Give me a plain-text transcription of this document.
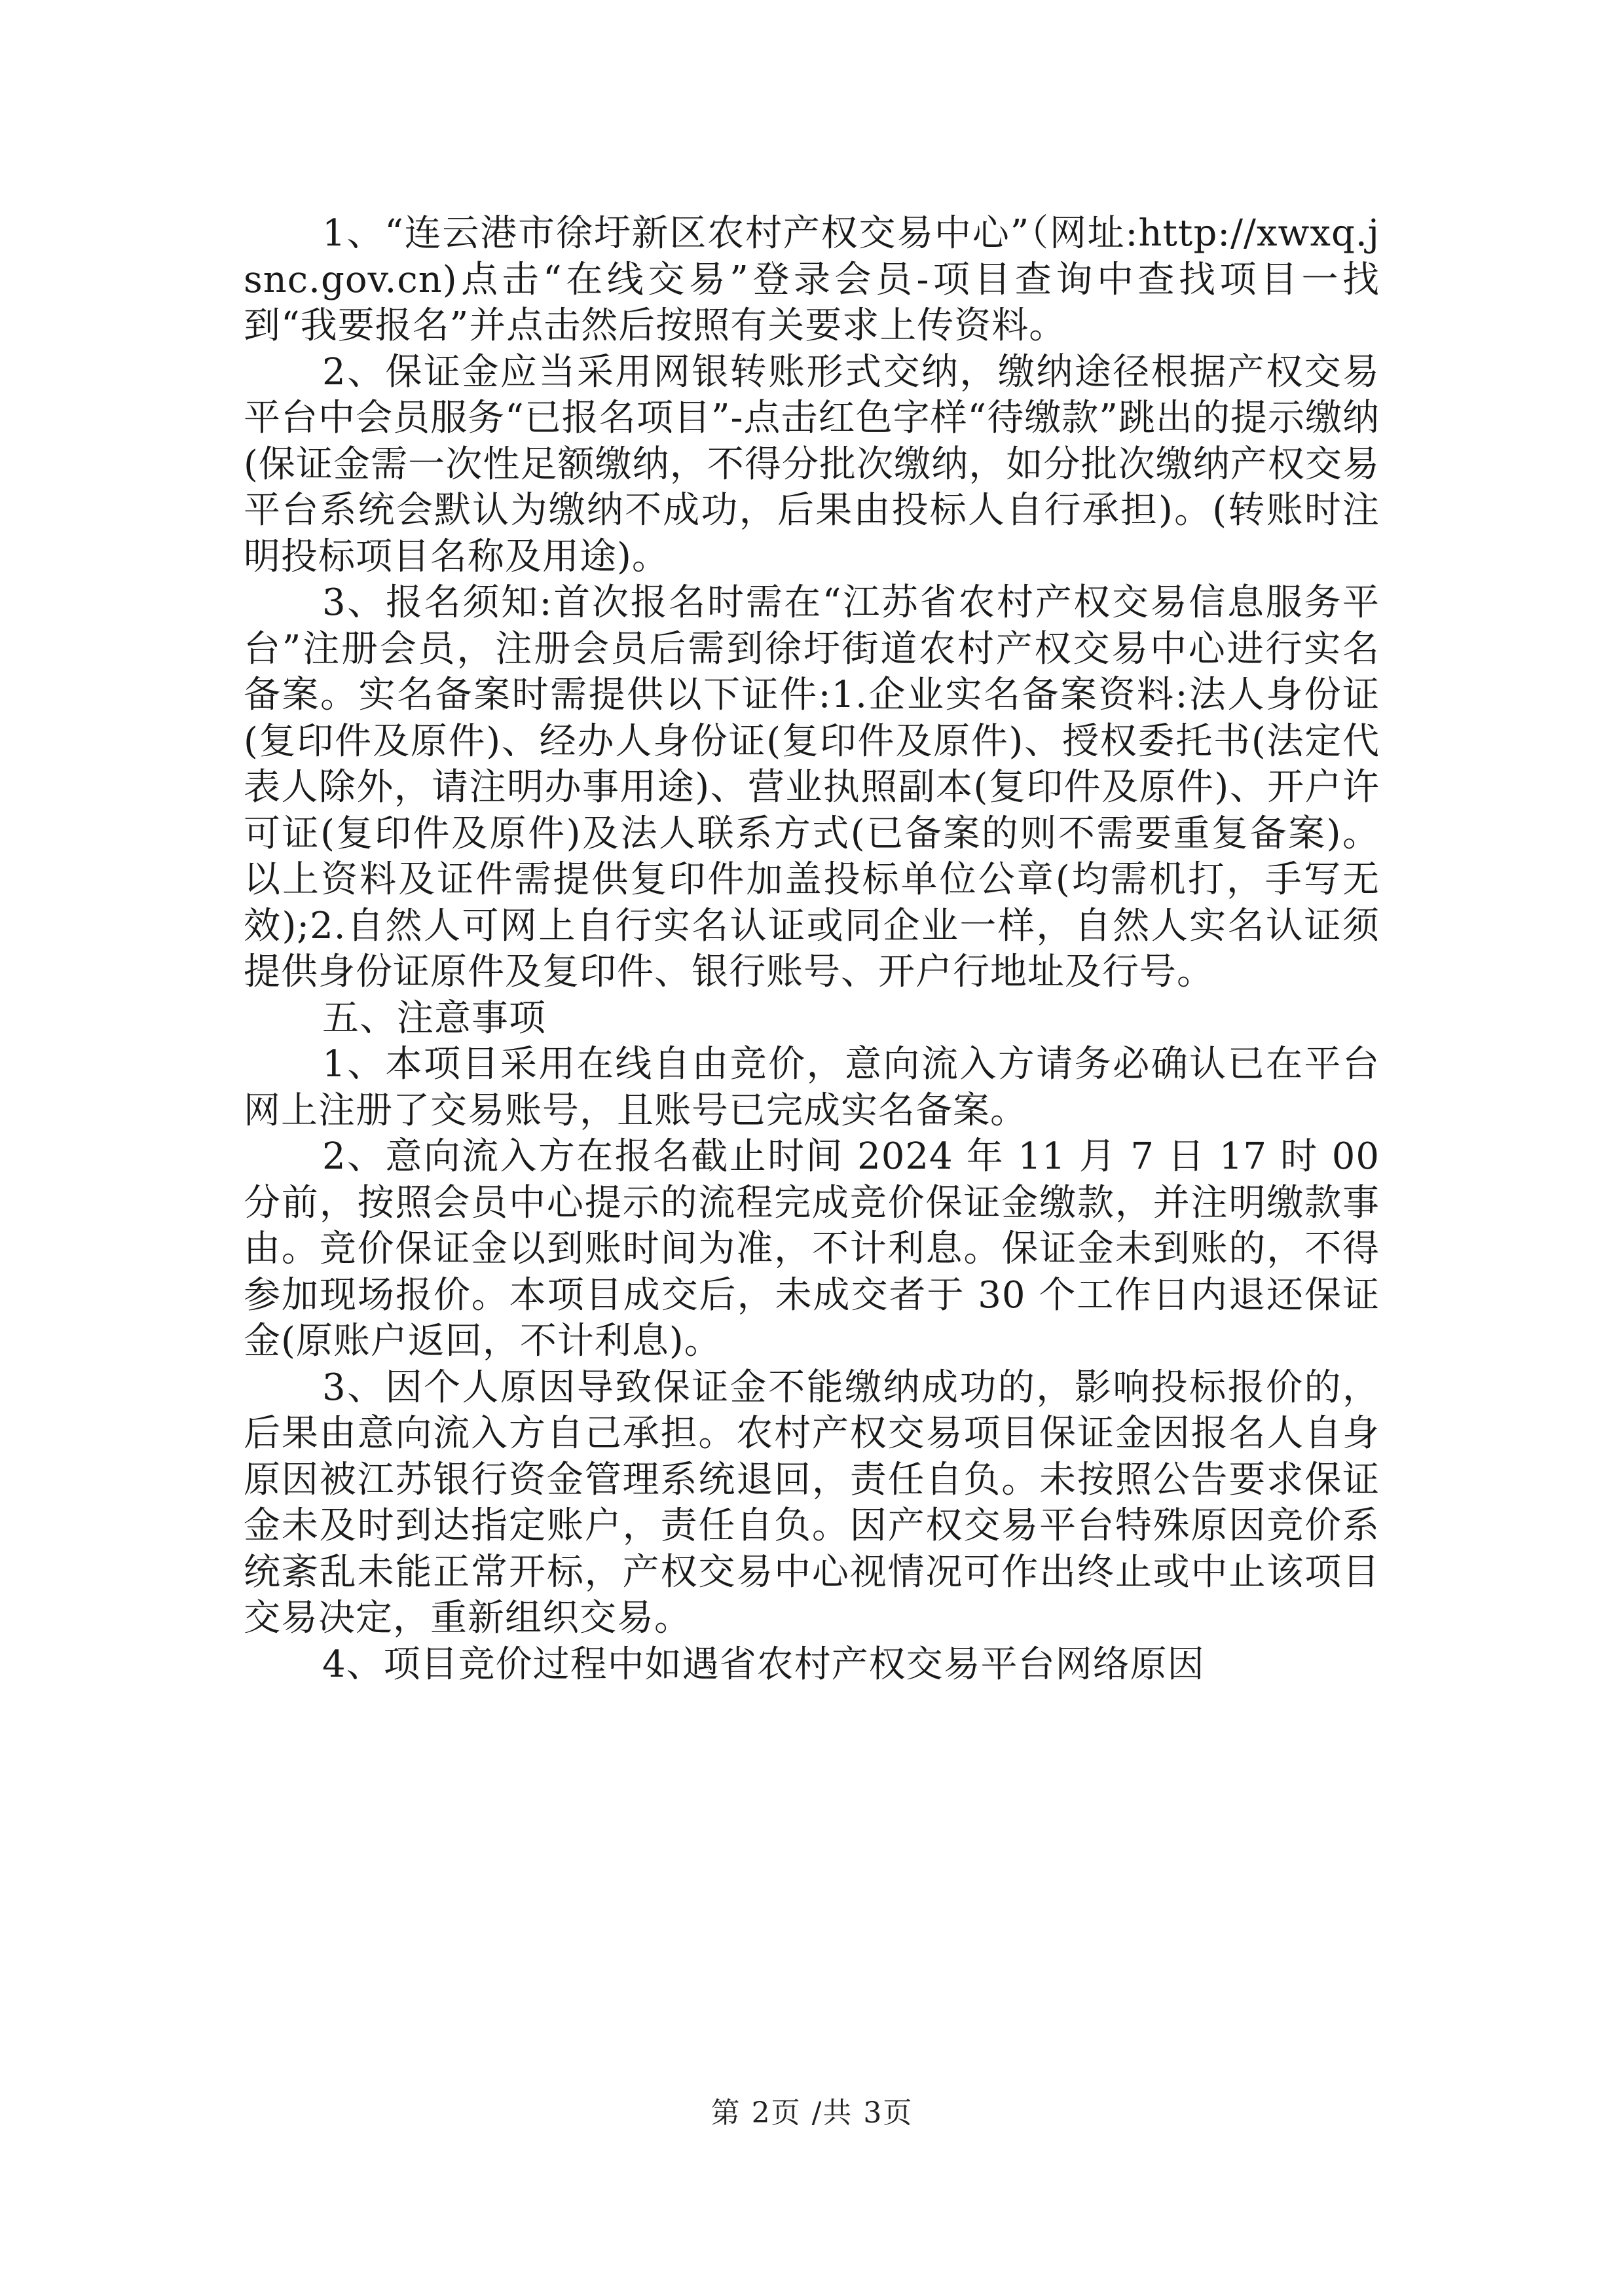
1、“连云港市徐圩新区农村产权交易中心”（网址:http://xwxq.jsnc.gov.cn)点击“在线交易”登录会员-项目查询中查找项目一找到“我要报名”并点击然后按照有关要求上传资料。

2、保证金应当采用网银转账形式交纳，缴纳途径根据产权交易平台中会员服务“已报名项目”-点击红色字样“待缴款”跳出的提示缴纳(保证金需一次性足额缴纳，不得分批次缴纳，如分批次缴纳产权交易平台系统会默认为缴纳不成功，后果由投标人自行承担)。(转账时注明投标项目名称及用途)。

3、报名须知:首次报名时需在“江苏省农村产权交易信息服务平台”注册会员，注册会员后需到徐圩街道农村产权交易中心进行实名备案。实名备案时需提供以下证件:1.企业实名备案资料:法人身份证(复印件及原件)、经办人身份证(复印件及原件)、授权委托书(法定代表人除外，请注明办事用途)、营业执照副本(复印件及原件)、开户许可证(复印件及原件)及法人联系方式(已备案的则不需要重复备案)。以上资料及证件需提供复印件加盖投标单位公章(均需机打，手写无效);2.自然人可网上自行实名认证或同企业一样，自然人实名认证须提供身份证原件及复印件、银行账号、开户行地址及行号。

五、注意事项

1、本项目采用在线自由竞价，意向流入方请务必确认已在平台网上注册了交易账号，且账号已完成实名备案。

2、意向流入方在报名截止时间 2024 年 11 月 7 日 17 时 00 分前，按照会员中心提示的流程完成竞价保证金缴款，并注明缴款事由。竞价保证金以到账时间为准，不计利息。保证金未到账的，不得参加现场报价。本项目成交后，未成交者于 30 个工作日内退还保证金(原账户返回，不计利息)。

3、因个人原因导致保证金不能缴纳成功的，影响投标报价的，后果由意向流入方自己承担。农村产权交易项目保证金因报名人自身原因被江苏银行资金管理系统退回，责任自负。未按照公告要求保证金未及时到达指定账户，责任自负。因产权交易平台特殊原因竞价系统紊乱未能正常开标，产权交易中心视情况可作出终止或中止该项目交易决定，重新组织交易。

4、项目竞价过程中如遇省农村产权交易平台网络原因

第 2页 /共 3页
